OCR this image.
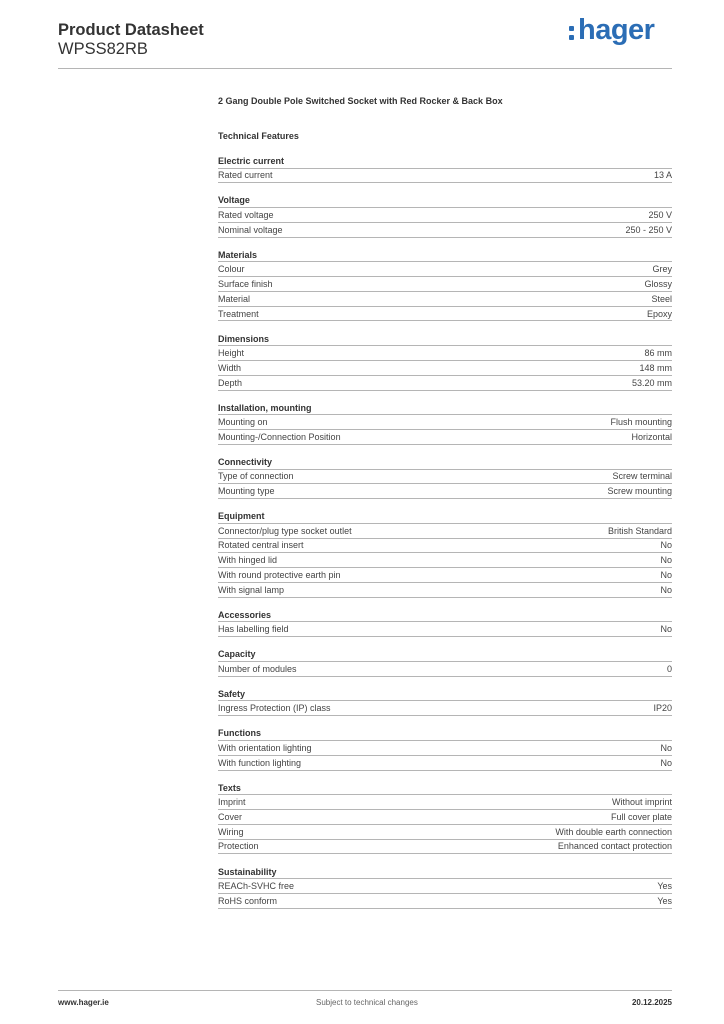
Product Datasheet
WPSS82RB
hager
2 Gang Double Pole Switched Socket with Red Rocker & Back Box
Technical Features
Electric current
Rated current	13 A
Voltage
Rated voltage	250 V
Nominal voltage	250 - 250 V
Materials
Colour	Grey
Surface finish	Glossy
Material	Steel
Treatment	Epoxy
Dimensions
Height	86 mm
Width	148 mm
Depth	53.20 mm
Installation, mounting
Mounting on	Flush mounting
Mounting-/Connection Position	Horizontal
Connectivity
Type of connection	Screw terminal
Mounting type	Screw mounting
Equipment
Connector/plug type socket outlet	British Standard
Rotated central insert	No
With hinged lid	No
With round protective earth pin	No
With signal lamp	No
Accessories
Has labelling field	No
Capacity
Number of modules	0
Safety
Ingress Protection (IP) class	IP20
Functions
With orientation lighting	No
With function lighting	No
Texts
Imprint	Without imprint
Cover	Full cover plate
Wiring	With double earth connection
Protection	Enhanced contact protection
Sustainability
REACh-SVHC free	Yes
RoHS conform	Yes
www.hager.ie	Subject to technical changes	20.12.2025
